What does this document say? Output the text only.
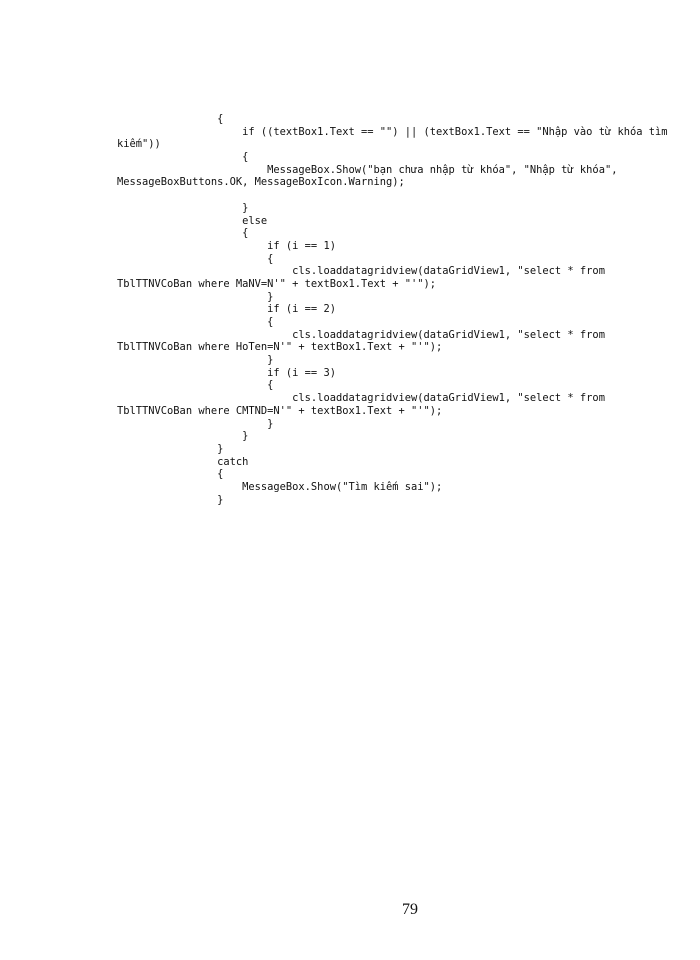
{
if ((textBox1.Text == "") || (textBox1.Text == "Nhập vào từ khóa tìm
kiếm"))
{
MessageBox.Show("bạn chưa nhập từ khóa", "Nhập từ khóa",
MessageBoxButtons.OK, MessageBoxIcon.Warning);
}
else
{
if (i == 1)
{
cls.loaddatagridview(dataGridView1, "select * from
TblTTNVCoBan where MaNV=N'" + textBox1.Text + "'");
}
if (i == 2)
{
cls.loaddatagridview(dataGridView1, "select * from
TblTTNVCoBan where HoTen=N'" + textBox1.Text + "'");
}
if (i == 3)
{
cls.loaddatagridview(dataGridView1, "select * from
TblTTNVCoBan where CMTND=N'" + textBox1.Text + "'");
}
}
}
catch
{
MessageBox.Show("Tìm kiếm sai");
}
79
